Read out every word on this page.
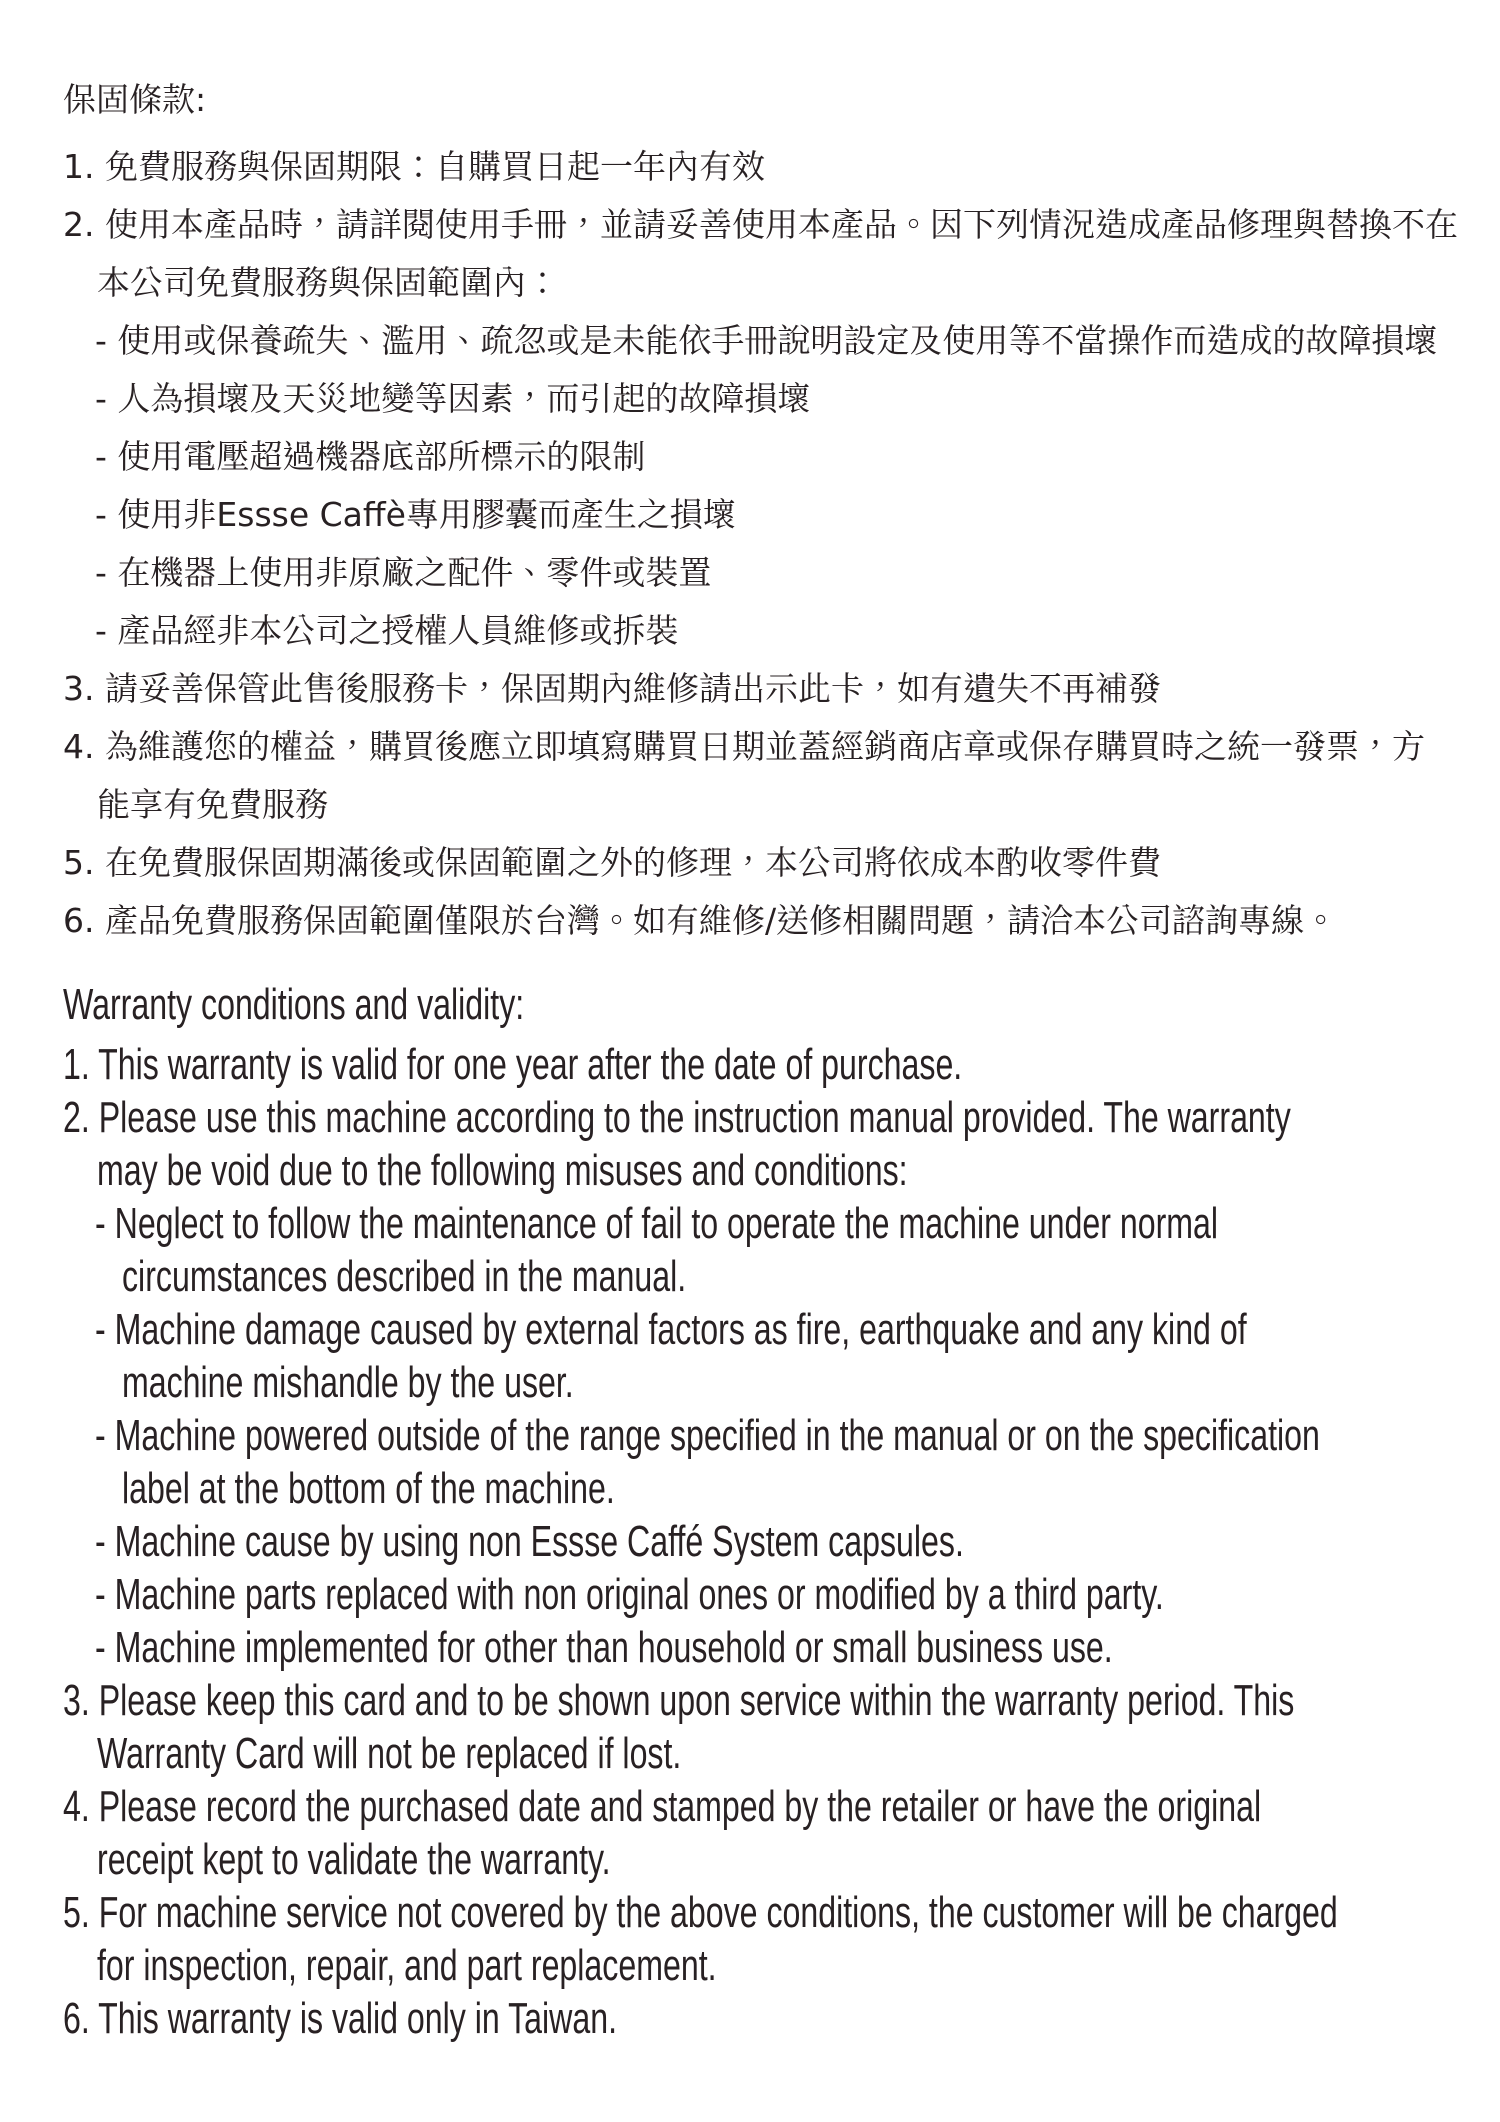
保固條款:
1. 免費服務與保固期限：自購買日起一年內有效
2. 使用本產品時，請詳閱使用手冊，並請妥善使用本產品。因下列情況造成產品修理與替換不在
本公司免費服務與保固範圍內：
- 使用或保養疏失、濫用、疏忽或是未能依手冊說明設定及使用等不當操作而造成的故障損壞
- 人為損壞及天災地變等因素，而引起的故障損壞
- 使用電壓超過機器底部所標示的限制
- 使用非Essse Caffè專用膠囊而產生之損壞
- 在機器上使用非原廠之配件、零件或裝置
- 產品經非本公司之授權人員維修或拆裝
3. 請妥善保管此售後服務卡，保固期內維修請出示此卡，如有遺失不再補發
4. 為維護您的權益，購買後應立即填寫購買日期並蓋經銷商店章或保存購買時之統一發票，方
能享有免費服務
5. 在免費服保固期滿後或保固範圍之外的修理，本公司將依成本酌收零件費
6. 產品免費服務保固範圍僅限於台灣。如有維修/送修相關問題，請洽本公司諮詢專線。
Warranty conditions and validity:
1. This warranty is valid for one year after the date of purchase.
2. Please use this machine according to the instruction manual provided. The warranty
may be void due to the following misuses and conditions:
- Neglect to follow the maintenance of fail to operate the machine under normal
circumstances described in the manual.
- Machine damage caused by external factors as fire, earthquake and any kind of
machine mishandle by the user.
- Machine powered outside of the range specified in the manual or on the specification
label at the bottom of the machine.
- Machine cause by using non Essse Caffé System capsules.
- Machine parts replaced with non original ones or modified by a third party.
- Machine implemented for other than household or small business use.
3. Please keep this card and to be shown upon service within the warranty period. This
Warranty Card will not be replaced if lost.
4. Please record the purchased date and stamped by the retailer or have the original
receipt kept to validate the warranty.
5. For machine service not covered by the above conditions, the customer will be charged
for inspection, repair, and part replacement.
6. This warranty is valid only in Taiwan.
